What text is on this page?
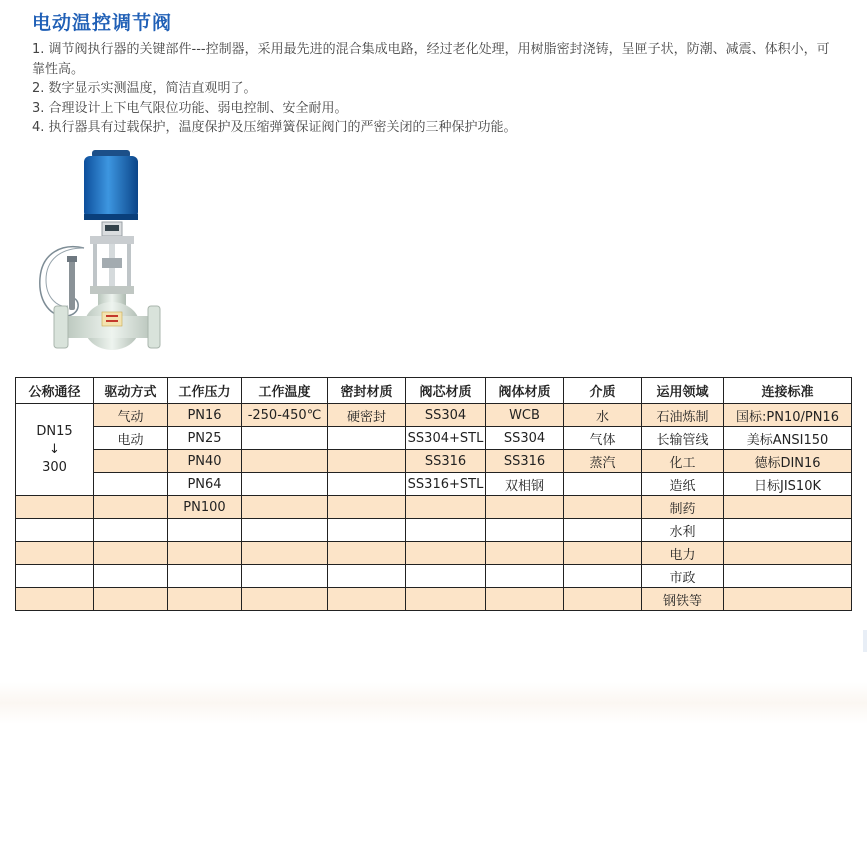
电动温控调节阀

1. 调节阀执行器的关键部件---控制器，采用最先进的混合集成电路，经过老化处理，用树脂密封浇铸，呈匣子状，防潮、减震、体积小，可靠性高。

2. 数字显示实测温度，简洁直观明了。

3. 合理设计上下电气限位功能、弱电控制、安全耐用。

4. 执行器具有过载保护，温度保护及压缩弹簧保证阀门的严密关闭的三种保护功能。

公称通径	驱动方式	工作压力	工作温度	密封材质	阀芯材质	阀体材质	介质	运用领域	连接标准

DN15
↓
300	气动	PN16	-250-450℃	硬密封	SS304	WCB	水	石油炼制	国标:PN10/PN16
	电动	PN25			SS304+STL	SS304	气体	长输管线	美标ANSI150
		PN40			SS316	SS316	蒸汽	化工	德标DIN16
		PN64			SS316+STL	双相钢		造纸	日标JIS10K
		PN100						制药	
								水利	
								电力	
								市政	
								钢铁等	
